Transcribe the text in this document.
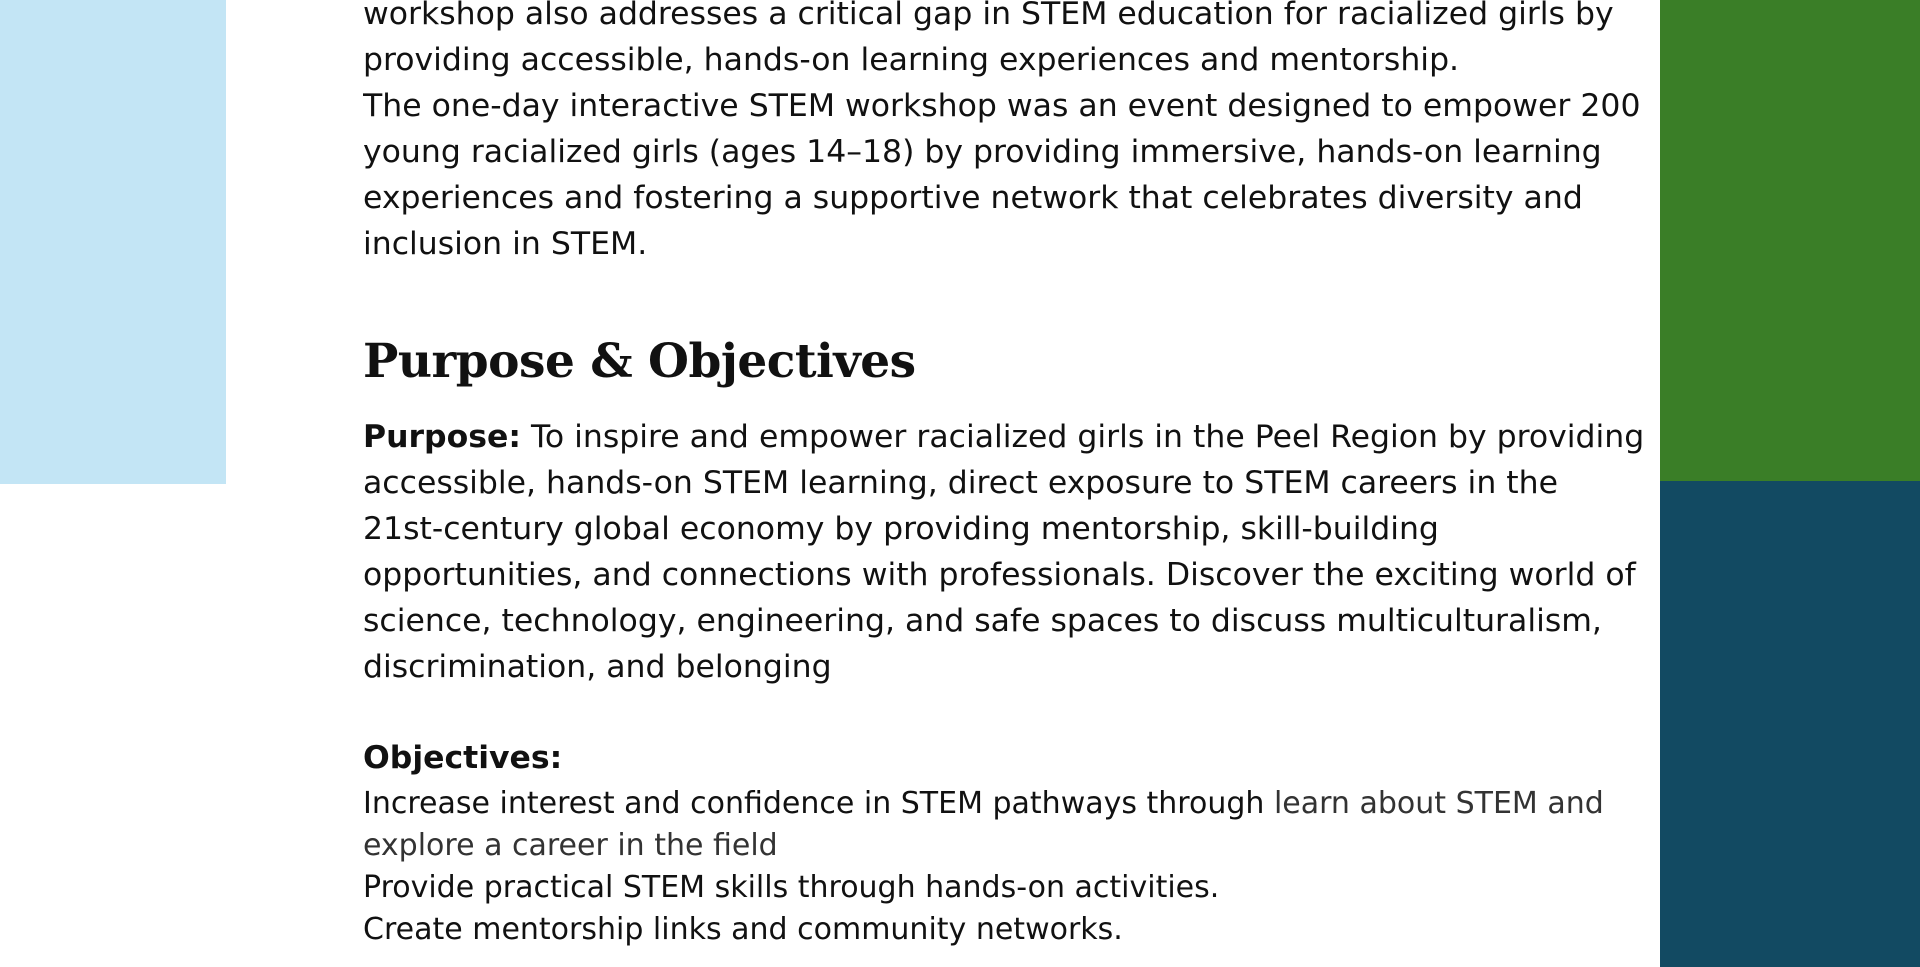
workshop also addresses a critical gap in STEM education for racialized girls by

providing accessible, hands-on learning experiences and mentorship.

The one-day interactive STEM workshop was an event designed to empower 200 young racialized girls (ages 14–18) by providing immersive, hands-on learning experiences and fostering a supportive network that celebrates diversity and inclusion in STEM.

Purpose & Objectives

Purpose: To inspire and empower racialized girls in the Peel Region by providing accessible, hands-on STEM learning, direct exposure to STEM careers in the 21st-century global economy by providing mentorship, skill-building opportunities, and connections with professionals. Discover the exciting world of science, technology, engineering, and safe spaces to discuss multiculturalism, discrimination, and belonging

Objectives:

Increase interest and confidence in STEM pathways through learn about STEM and explore a career in the field
Provide practical STEM skills through hands-on activities.
Create mentorship links and community networks.
